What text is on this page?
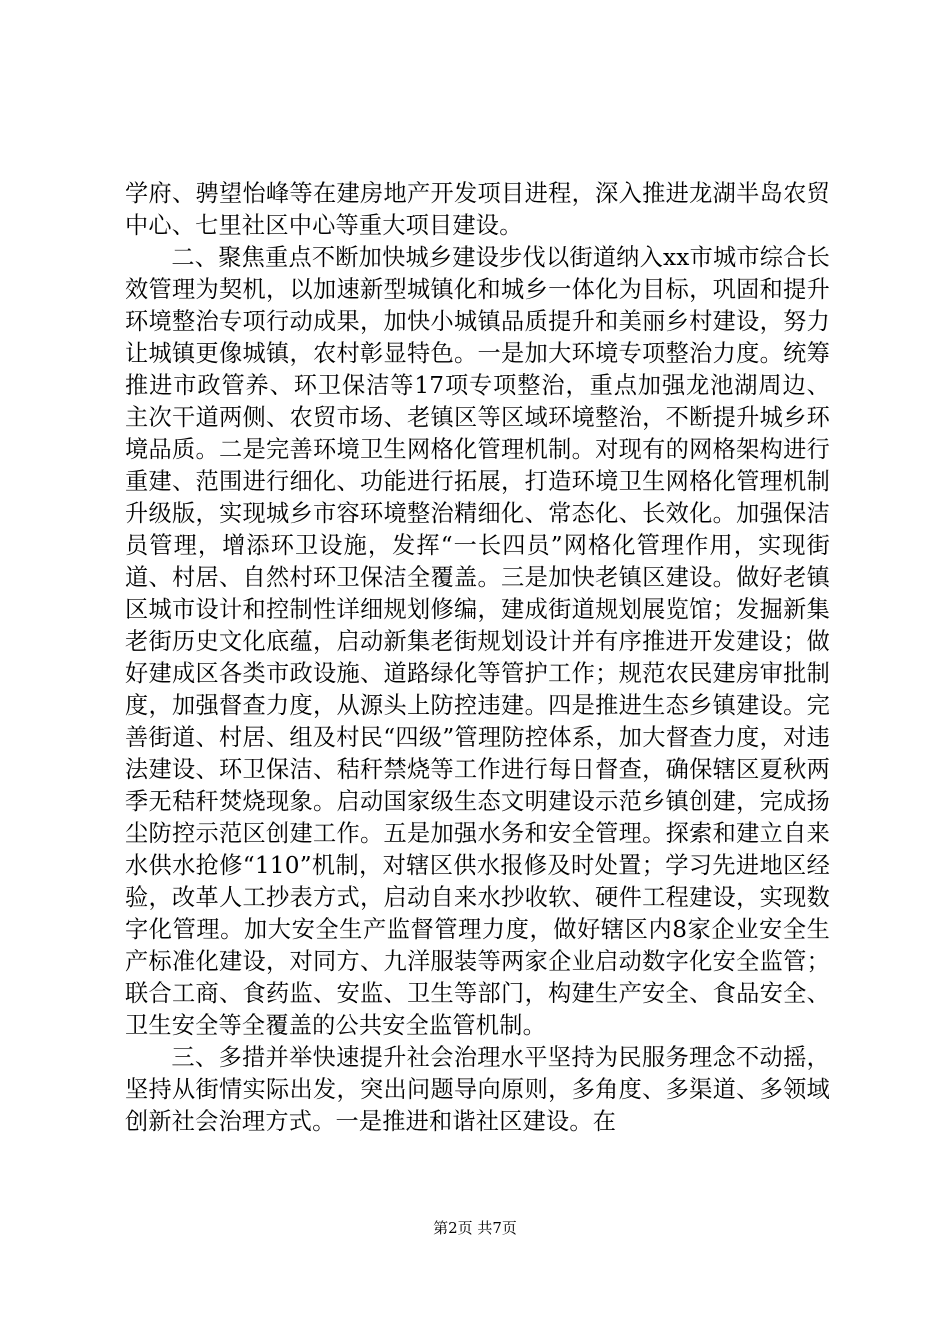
学府、骋望怡峰等在建房地产开发项目进程，深入推进龙湖半岛农贸中心、七里社区中心等重大项目建设。

二、聚焦重点不断加快城乡建设步伐以街道纳入xx市城市综合长效管理为契机，以加速新型城镇化和城乡一体化为目标，巩固和提升环境整治专项行动成果，加快小城镇品质提升和美丽乡村建设，努力让城镇更像城镇，农村彰显特色。一是加大环境专项整治力度。统筹推进市政管养、环卫保洁等17项专项整治，重点加强龙池湖周边、主次干道两侧、农贸市场、老镇区等区域环境整治，不断提升城乡环境品质。二是完善环境卫生网格化管理机制。对现有的网格架构进行重建、范围进行细化、功能进行拓展，打造环境卫生网格化管理机制升级版，实现城乡市容环境整治精细化、常态化、长效化。加强保洁员管理，增添环卫设施，发挥“一长四员”网格化管理作用，实现街道、村居、自然村环卫保洁全覆盖。三是加快老镇区建设。做好老镇区城市设计和控制性详细规划修编，建成街道规划展览馆；发掘新集老街历史文化底蕴，启动新集老街规划设计并有序推进开发建设；做好建成区各类市政设施、道路绿化等管护工作；规范农民建房审批制度，加强督查力度，从源头上防控违建。四是推进生态乡镇建设。完善街道、村居、组及村民“四级”管理防控体系，加大督查力度，对违法建设、环卫保洁、秸秆禁烧等工作进行每日督查，确保辖区夏秋两季无秸秆焚烧现象。启动国家级生态文明建设示范乡镇创建，完成扬尘防控示范区创建工作。五是加强水务和安全管理。探索和建立自来水供水抢修“110”机制，对辖区供水报修及时处置；学习先进地区经验，改革人工抄表方式，启动自来水抄收软、硬件工程建设，实现数字化管理。加大安全生产监督管理力度，做好辖区内8家企业安全生产标准化建设，对同方、九洋服装等两家企业启动数字化安全监管；联合工商、食药监、安监、卫生等部门，构建生产安全、食品安全、卫生安全等全覆盖的公共安全监管机制。

三、多措并举快速提升社会治理水平坚持为民服务理念不动摇，坚持从街情实际出发，突出问题导向原则，多角度、多渠道、多领域创新社会治理方式。一是推进和谐社区建设。在

第2页 共7页
